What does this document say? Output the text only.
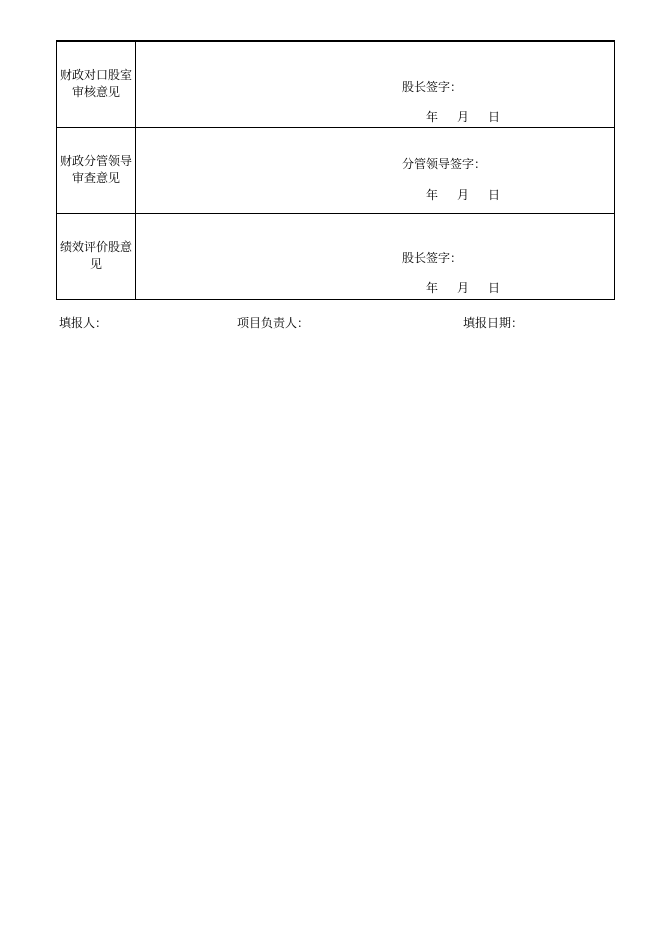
财政对口股室审核意见	股长签字：
年 月 日

财政分管领导审查意见	分管领导签字：
年 月 日

绩效评价股意见	股长签字：
年 月 日
填报人：	项目负责人：	填报日期：
